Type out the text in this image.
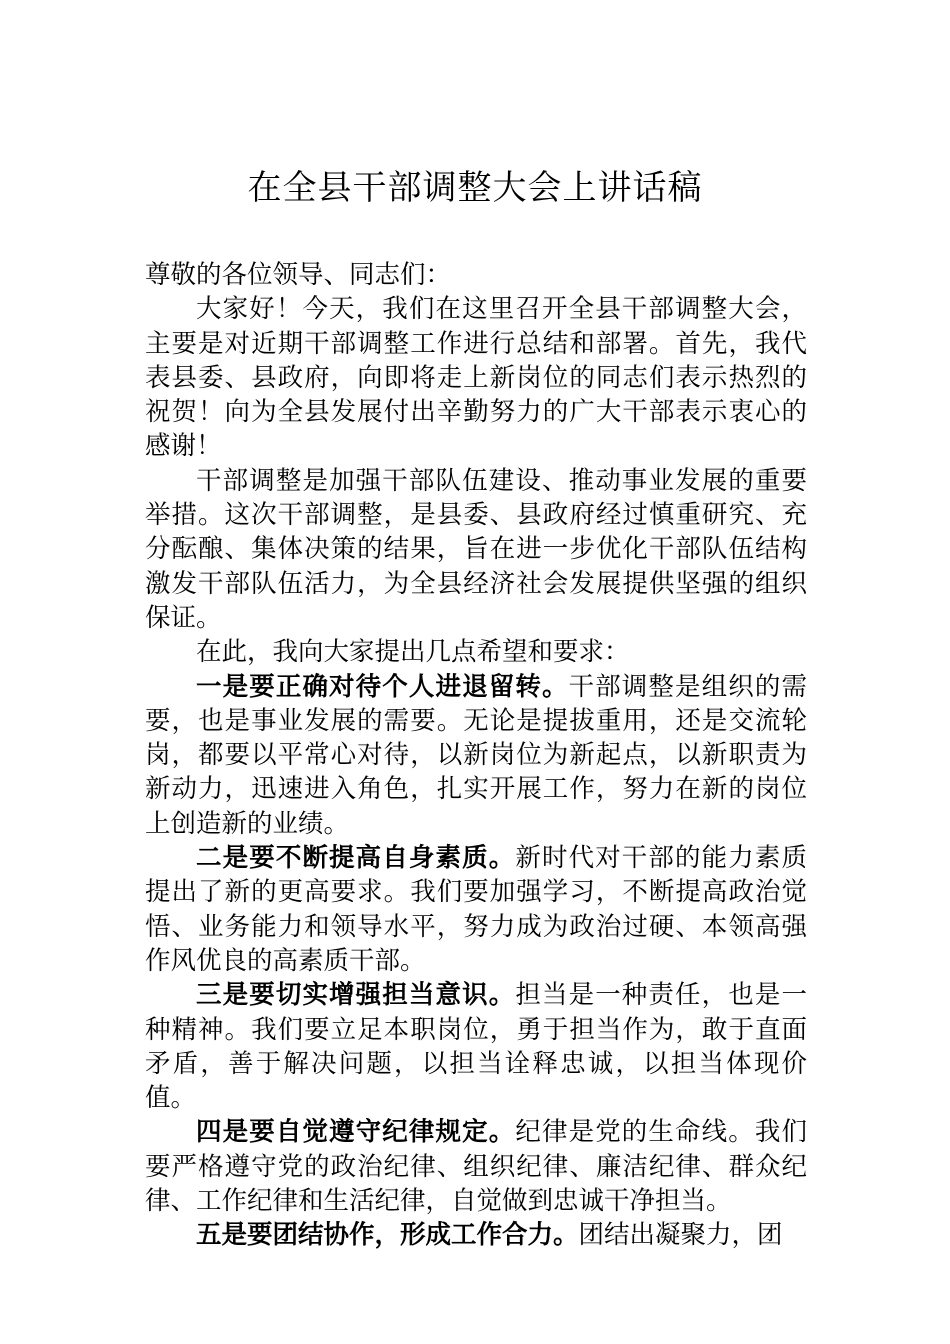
在全县干部调整大会上讲话稿

尊敬的各位领导、同志们：

大家好！今天，我们在这里召开全县干部调整大会，主要是对近期干部调整工作进行总结和部署。首先，我代表县委、县政府，向即将走上新岗位的同志们表示热烈的祝贺！向为全县发展付出辛勤努力的广大干部表示衷心的感谢！

干部调整是加强干部队伍建设、推动事业发展的重要举措。这次干部调整，是县委、县政府经过慎重研究、充分酝酿、集体决策的结果，旨在进一步优化干部队伍结构激发干部队伍活力，为全县经济社会发展提供坚强的组织保证。

在此，我向大家提出几点希望和要求：

一是要正确对待个人进退留转。干部调整是组织的需要，也是事业发展的需要。无论是提拔重用，还是交流轮岗，都要以平常心对待，以新岗位为新起点，以新职责为新动力，迅速进入角色，扎实开展工作，努力在新的岗位上创造新的业绩。

二是要不断提高自身素质。新时代对干部的能力素质提出了新的更高要求。我们要加强学习，不断提高政治觉悟、业务能力和领导水平，努力成为政治过硬、本领高强作风优良的高素质干部。

三是要切实增强担当意识。担当是一种责任，也是一种精神。我们要立足本职岗位，勇于担当作为，敢于直面矛盾，善于解决问题，以担当诠释忠诚，以担当体现价值。

四是要自觉遵守纪律规定。纪律是党的生命线。我们要严格遵守党的政治纪律、组织纪律、廉洁纪律、群众纪律、工作纪律和生活纪律，自觉做到忠诚干净担当。

五是要团结协作，形成工作合力。团结出凝聚力，团
